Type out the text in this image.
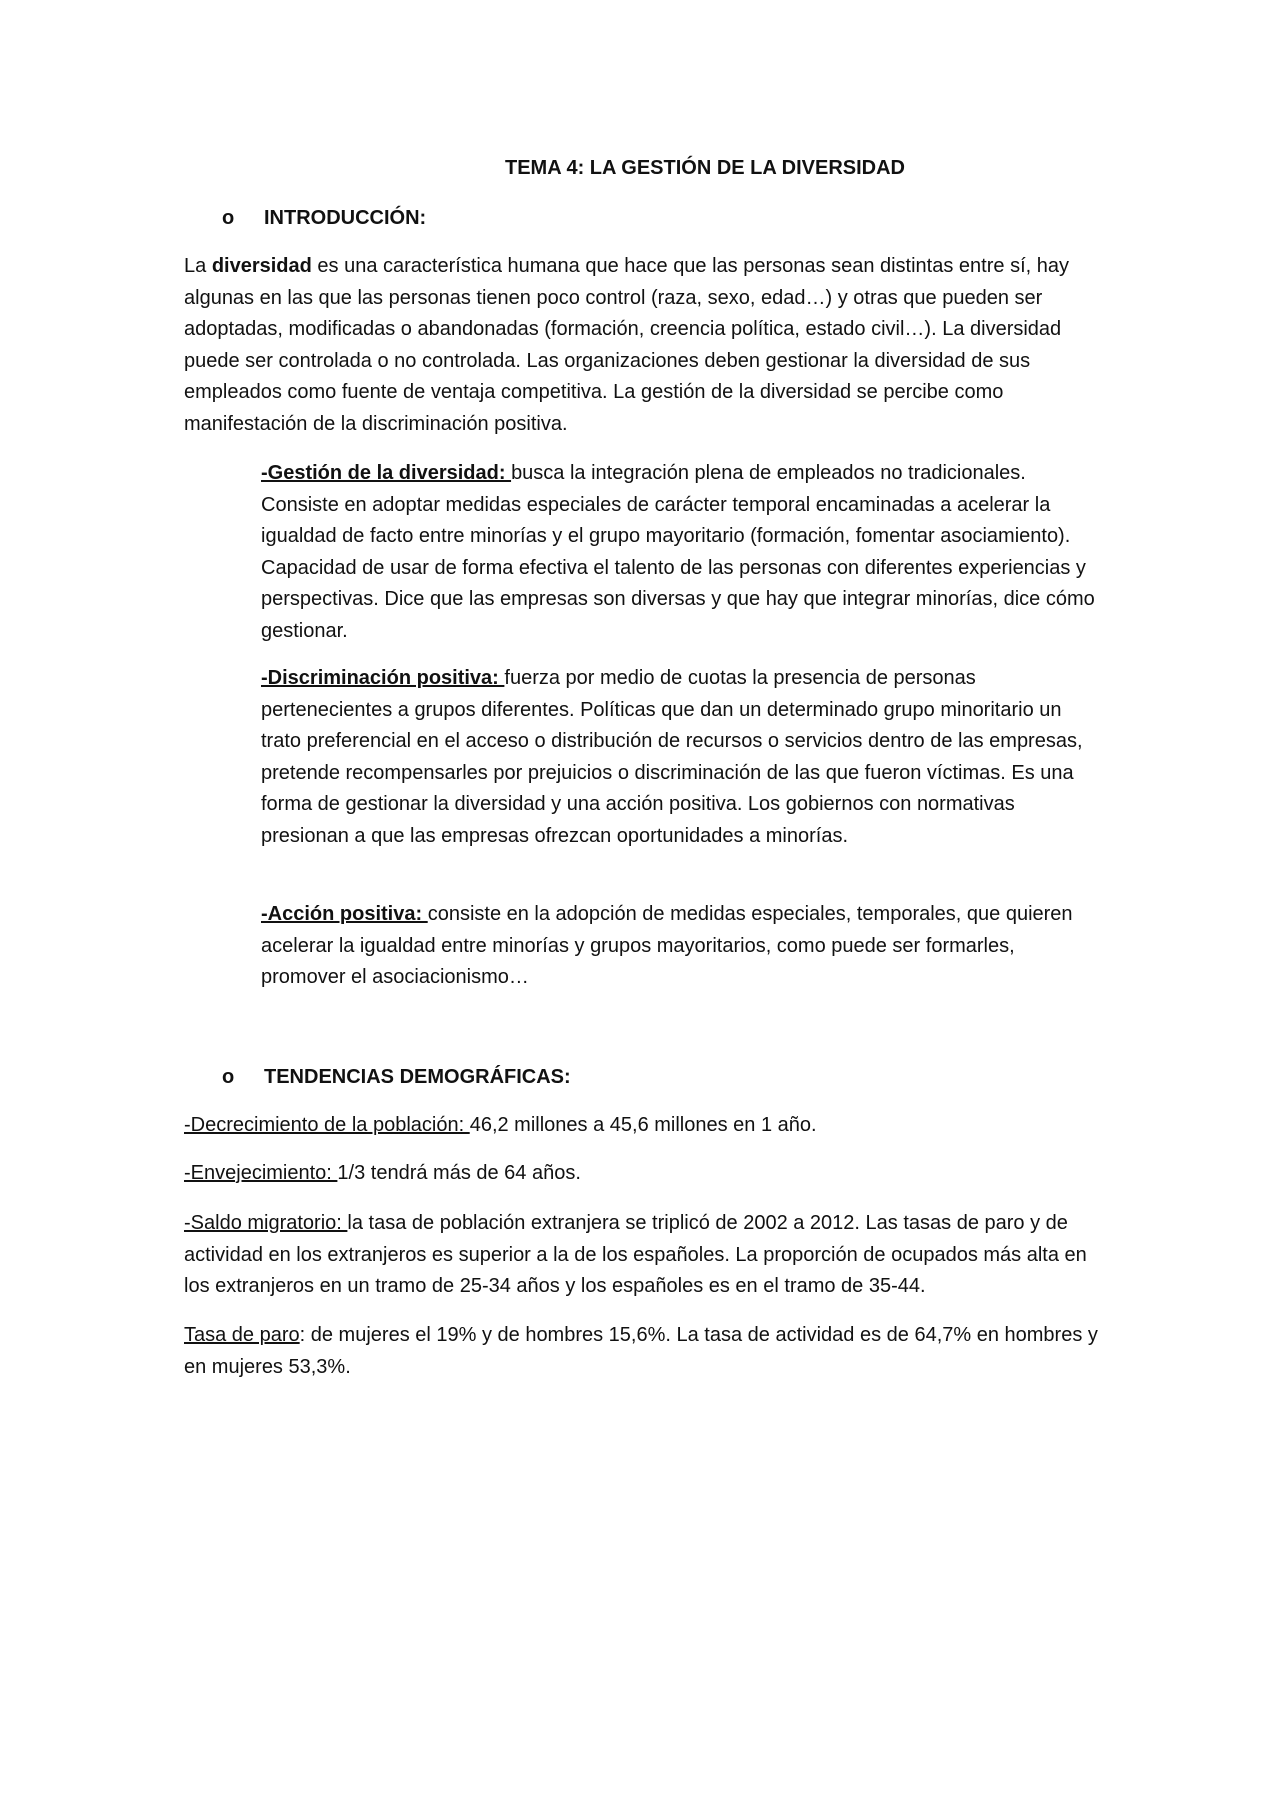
TEMA 4: LA GESTIÓN DE LA DIVERSIDAD
o INTRODUCCIÓN:

La diversidad es una característica humana que hace que las personas sean distintas entre sí, hay algunas en las que las personas tienen poco control (raza, sexo, edad…) y otras que pueden ser adoptadas, modificadas o abandonadas (formación, creencia política, estado civil…). La diversidad puede ser controlada o no controlada. Las organizaciones deben gestionar la diversidad de sus empleados como fuente de ventaja competitiva. La gestión de la diversidad se percibe como manifestación de la discriminación positiva.

-Gestión de la diversidad: busca la integración plena de empleados no tradicionales. Consiste en adoptar medidas especiales de carácter temporal encaminadas a acelerar la igualdad de facto entre minorías y el grupo mayoritario (formación, fomentar asociamiento). Capacidad de usar de forma efectiva el talento de las personas con diferentes experiencias y perspectivas. Dice que las empresas son diversas y que hay que integrar minorías, dice cómo gestionar.

-Discriminación positiva: fuerza por medio de cuotas la presencia de personas pertenecientes a grupos diferentes. Políticas que dan un determinado grupo minoritario un trato preferencial en el acceso o distribución de recursos o servicios dentro de las empresas, pretende recompensarles por prejuicios o discriminación de las que fueron víctimas. Es una forma de gestionar la diversidad y una acción positiva. Los gobiernos con normativas presionan a que las empresas ofrezcan oportunidades a minorías.

-Acción positiva: consiste en la adopción de medidas especiales, temporales, que quieren acelerar la igualdad entre minorías y grupos mayoritarios, como puede ser formarles, promover el asociacionismo…

o TENDENCIAS DEMOGRÁFICAS:

-Decrecimiento de la población: 46,2 millones a 45,6 millones en 1 año.

-Envejecimiento: 1/3 tendrá más de 64 años.

-Saldo migratorio: la tasa de población extranjera se triplicó de 2002 a 2012. Las tasas de paro y de actividad en los extranjeros es superior a la de los españoles. La proporción de ocupados más alta en los extranjeros en un tramo de 25-34 años y los españoles es en el tramo de 35-44.

Tasa de paro: de mujeres el 19% y de hombres 15,6%. La tasa de actividad es de 64,7% en hombres y en mujeres 53,3%.
